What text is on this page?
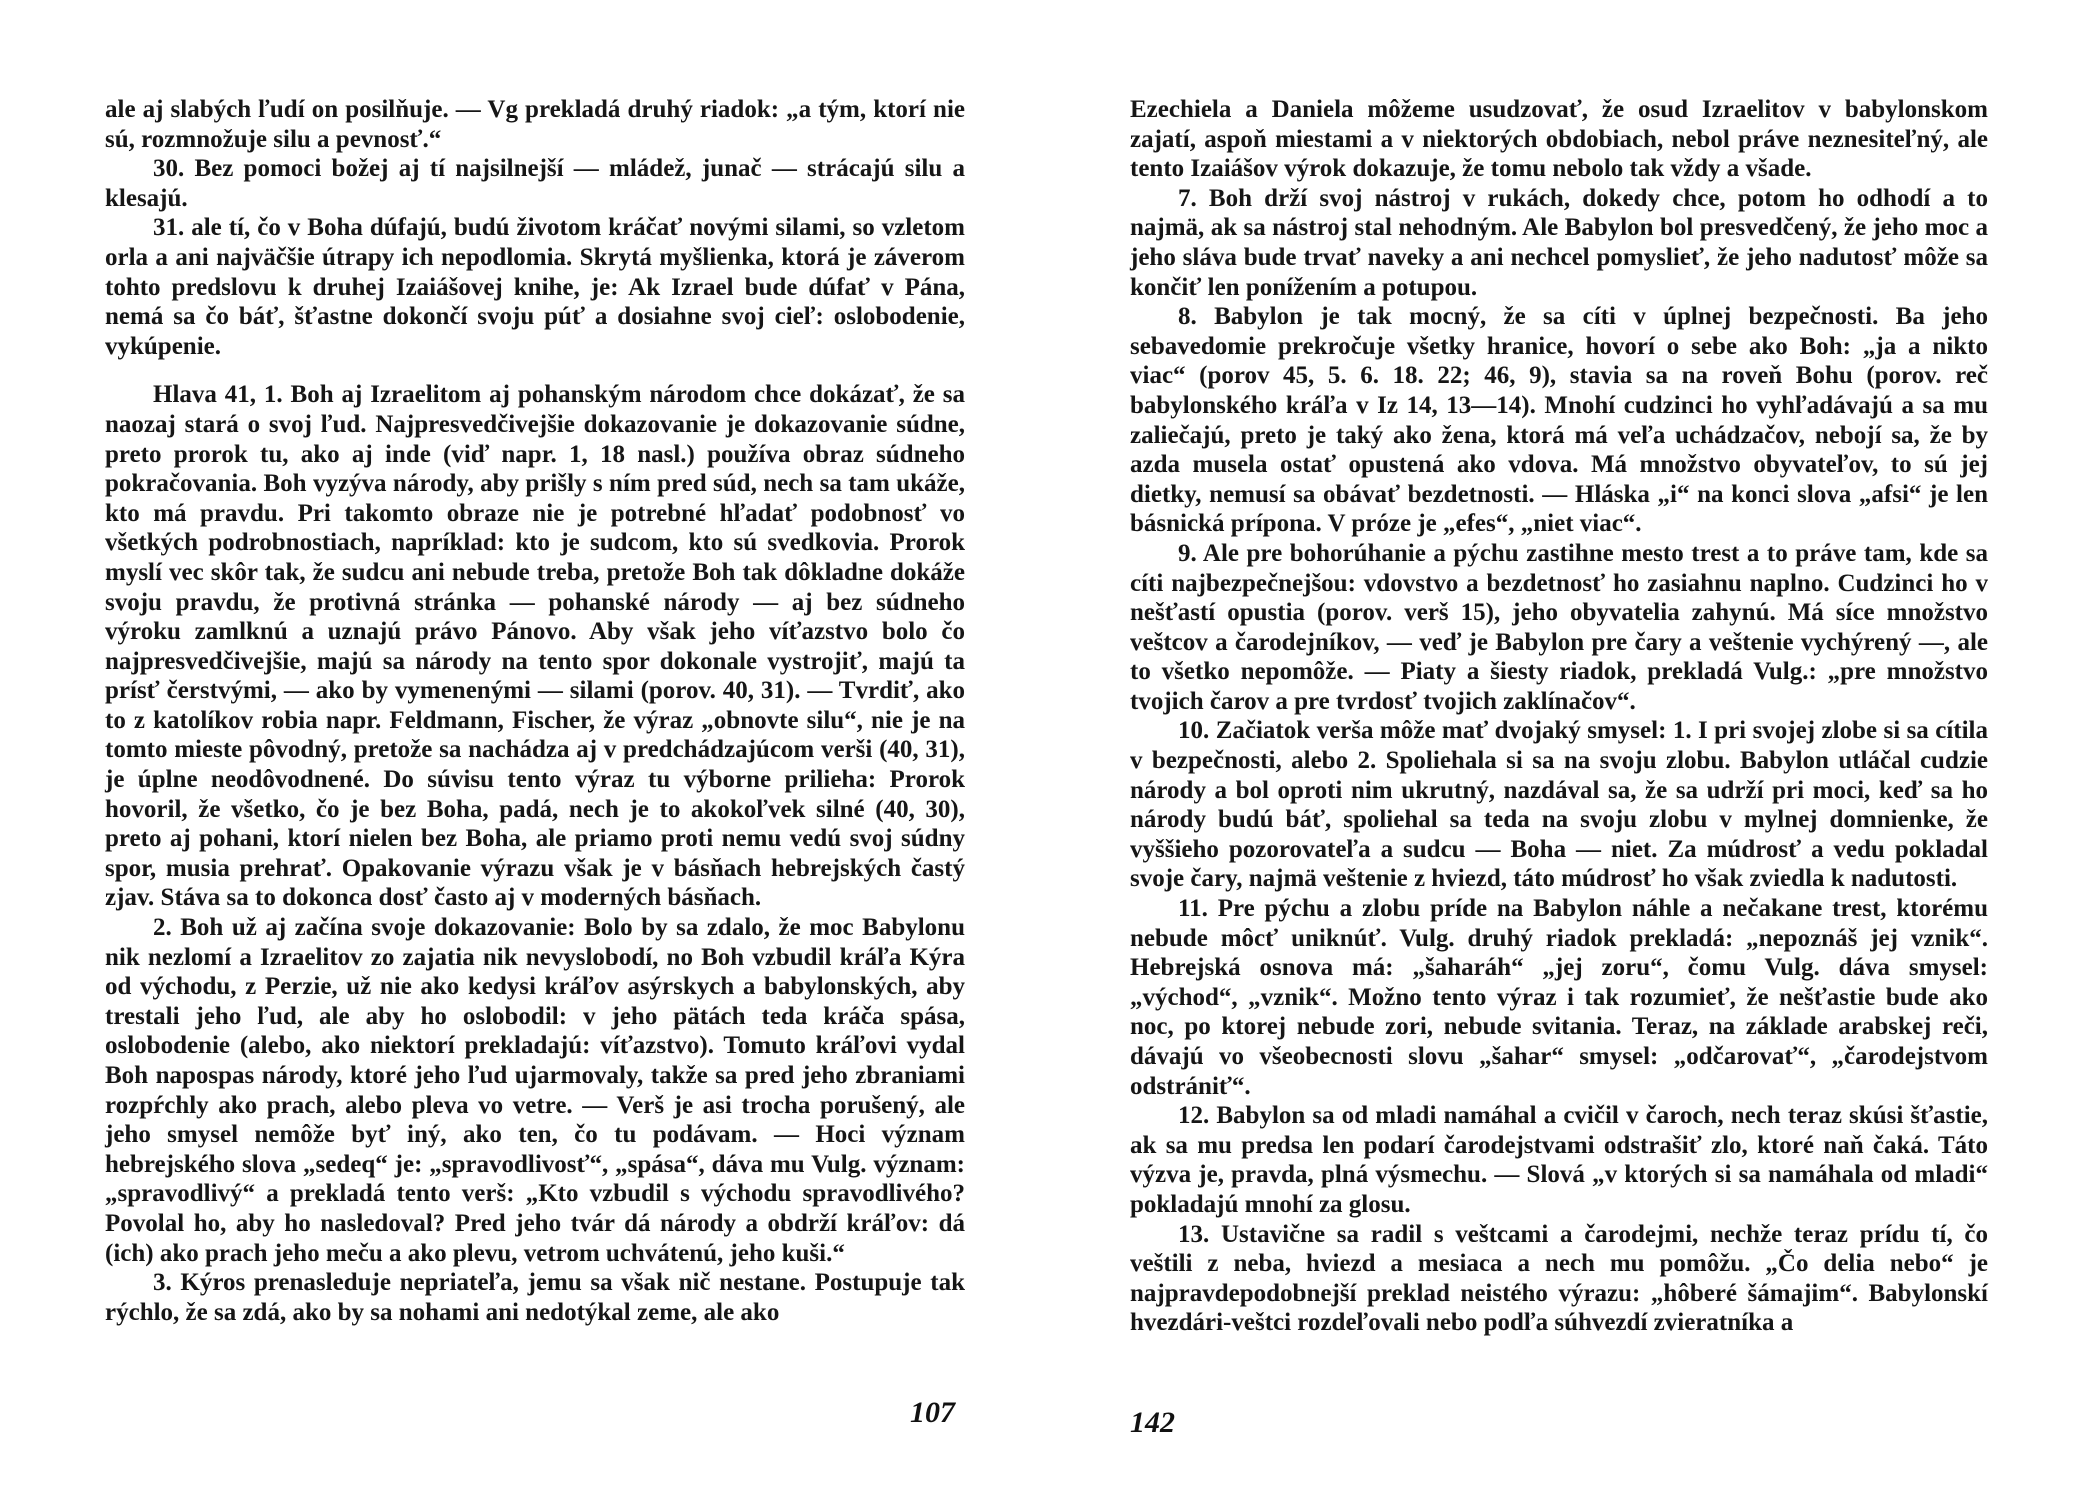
ale aj slabých ľudí on posilňuje. — Vg prekladá druhý riadok: „a tým, ktorí nie sú, rozmnožuje silu a pevnosť.“

30. Bez pomoci božej aj tí najsilnejší — mládež, junač — strácajú silu a klesajú.

31. ale tí, čo v Boha dúfajú, budú životom kráčať novými silami, so vzletom orla a ani najväčšie útrapy ich nepodlomia. Skrytá myšlienka, ktorá je záverom tohto predslovu k druhej Izaiášovej knihe, je: Ak Izrael bude dúfať v Pána, nemá sa čo báť, šťastne dokončí svoju púť a dosiahne svoj cieľ: oslobodenie, vykúpenie.

Hlava 41, 1. Boh aj Izraelitom aj pohanským národom chce dokázať, že sa naozaj stará o svoj ľud. Najpresvedčivejšie dokazovanie je dokazovanie súdne, preto prorok tu, ako aj inde (viď napr. 1, 18 nasl.) používa obraz súdneho pokračovania. Boh vyzýva národy, aby prišly s ním pred súd, nech sa tam ukáže, kto má pravdu. Pri takomto obraze nie je potrebné hľadať podobnosť vo všetkých podrobnostiach, napríklad: kto je sudcom, kto sú svedkovia. Prorok myslí vec skôr tak, že sudcu ani nebude treba, pretože Boh tak dôkladne dokáže svoju pravdu, že protivná stránka — pohanské národy — aj bez súdneho výroku zamlknú a uznajú právo Pánovo. Aby však jeho víťazstvo bolo čo najpresvedčivejšie, majú sa národy na tento spor dokonale vystrojiť, majú ta prísť čerstvými, — ako by vymenenými — silami (porov. 40, 31). — Tvrdiť, ako to z katolíkov robia napr. Feldmann, Fischer, že výraz „obnovte silu“, nie je na tomto mieste pôvodný, pretože sa nachádza aj v predchádzajúcom verši (40, 31), je úplne neodôvodnené. Do súvisu tento výraz tu výborne prilieha: Prorok hovoril, že všetko, čo je bez Boha, padá, nech je to akokoľvek silné (40, 30), preto aj pohani, ktorí nielen bez Boha, ale priamo proti nemu vedú svoj súdny spor, musia prehrať. Opakovanie výrazu však je v básňach hebrejských častý zjav. Stáva sa to dokonca dosť často aj v moderných básňach.

2. Boh už aj začína svoje dokazovanie: Bolo by sa zdalo, že moc Babylonu nik nezlomí a Izraelitov zo zajatia nik nevyslobodí, no Boh vzbudil kráľa Kýra od východu, z Perzie, už nie ako kedysi kráľov asýrskych a babylonských, aby trestali jeho ľud, ale aby ho oslobodil: v jeho pätách teda kráča spása, oslobodenie (alebo, ako niektorí prekladajú: víťazstvo). Tomuto kráľovi vydal Boh napospas národy, ktoré jeho ľud ujarmovaly, takže sa pred jeho zbraniami rozpŕchly ako prach, alebo pleva vo vetre. — Verš je asi trocha porušený, ale jeho smysel nemôže byť iný, ako ten, čo tu podávam. — Hoci význam hebrejského slova „sedeq“ je: „spravodlivosť“, „spása“, dáva mu Vulg. význam: „spravodlivý“ a prekladá tento verš: „Kto vzbudil s východu spravodlivého? Povolal ho, aby ho nasledoval? Pred jeho tvár dá národy a obdrží kráľov: dá (ich) ako prach jeho meču a ako plevu, vetrom uchvátenú, jeho kuši.“

3. Kýros prenasleduje nepriateľa, jemu sa však nič nestane. Postupuje tak rýchlo, že sa zdá, ako by sa nohami ani nedotýkal zeme, ale ako

107

Ezechiela a Daniela môžeme usudzovať, že osud Izraelitov v babylonskom zajatí, aspoň miestami a v niektorých obdobiach, nebol práve neznesiteľný, ale tento Izaiášov výrok dokazuje, že tomu nebolo tak vždy a všade.

7. Boh drží svoj nástroj v rukách, dokedy chce, potom ho odhodí a to najmä, ak sa nástroj stal nehodným. Ale Babylon bol presvedčený, že jeho moc a jeho sláva bude trvať naveky a ani nechcel pomyslieť, že jeho nadutosť môže sa končiť len ponížením a potupou.

8. Babylon je tak mocný, že sa cíti v úplnej bezpečnosti. Ba jeho sebavedomie prekročuje všetky hranice, hovorí o sebe ako Boh: „ja a nikto viac“ (porov 45, 5. 6. 18. 22; 46, 9), stavia sa na roveň Bohu (porov. reč babylonského kráľa v Iz 14, 13—14). Mnohí cudzinci ho vyhľadávajú a sa mu zaliečajú, preto je taký ako žena, ktorá má veľa uchádzačov, nebojí sa, že by azda musela ostať opustená ako vdova. Má množstvo obyvateľov, to sú jej dietky, nemusí sa obávať bezdetnosti. — Hláska „i“ na konci slova „afsi“ je len básnická prípona. V próze je „efes“, „niet viac“.

9. Ale pre bohorúhanie a pýchu zastihne mesto trest a to práve tam, kde sa cíti najbezpečnejšou: vdovstvo a bezdetnosť ho zasiahnu naplno. Cudzinci ho v nešťastí opustia (porov. verš 15), jeho obyvatelia zahynú. Má síce množstvo veštcov a čarodejníkov, — veď je Babylon pre čary a veštenie vychýrený —, ale to všetko nepomôže. — Piaty a šiesty riadok, prekladá Vulg.: „pre množstvo tvojich čarov a pre tvrdosť tvojich zaklínačov“.

10. Začiatok verša môže mať dvojaký smysel: 1. I pri svojej zlobe si sa cítila v bezpečnosti, alebo 2. Spoliehala si sa na svoju zlobu. Babylon utláčal cudzie národy a bol oproti nim ukrutný, nazdával sa, že sa udrží pri moci, keď sa ho národy budú báť, spoliehal sa teda na svoju zlobu v mylnej domnienke, že vyššieho pozorovateľa a sudcu — Boha — niet. Za múdrosť a vedu pokladal svoje čary, najmä veštenie z hviezd, táto múdrosť ho však zviedla k nadutosti.

11. Pre pýchu a zlobu príde na Babylon náhle a nečakane trest, ktorému nebude môcť uniknúť. Vulg. druhý riadok prekladá: „nepoznáš jej vznik“. Hebrejská osnova má: „šaharáh“ „jej zoru“, čomu Vulg. dáva smysel: „východ“, „vznik“. Možno tento výraz i tak rozumieť, že nešťastie bude ako noc, po ktorej nebude zori, nebude svitania. Teraz, na základe arabskej reči, dávajú vo všeobecnosti slovu „šahar“ smysel: „odčarovať“, „čarodejstvom odstrániť“.

12. Babylon sa od mladi namáhal a cvičil v čaroch, nech teraz skúsi šťastie, ak sa mu predsa len podarí čarodejstvami odstrašiť zlo, ktoré naň čaká. Táto výzva je, pravda, plná výsmechu. — Slová „v ktorých si sa namáhala od mladi“ pokladajú mnohí za glosu.

13. Ustavične sa radil s veštcami a čarodejmi, nechže teraz prídu tí, čo veštili z neba, hviezd a mesiaca a nech mu pomôžu. „Čo delia nebo“ je najpravdepodobnejší preklad neistého výrazu: „hôberé šámajim“. Babylonskí hvezdári-veštci rozdeľovali nebo podľa súhvezdí zvieratníka a

142
